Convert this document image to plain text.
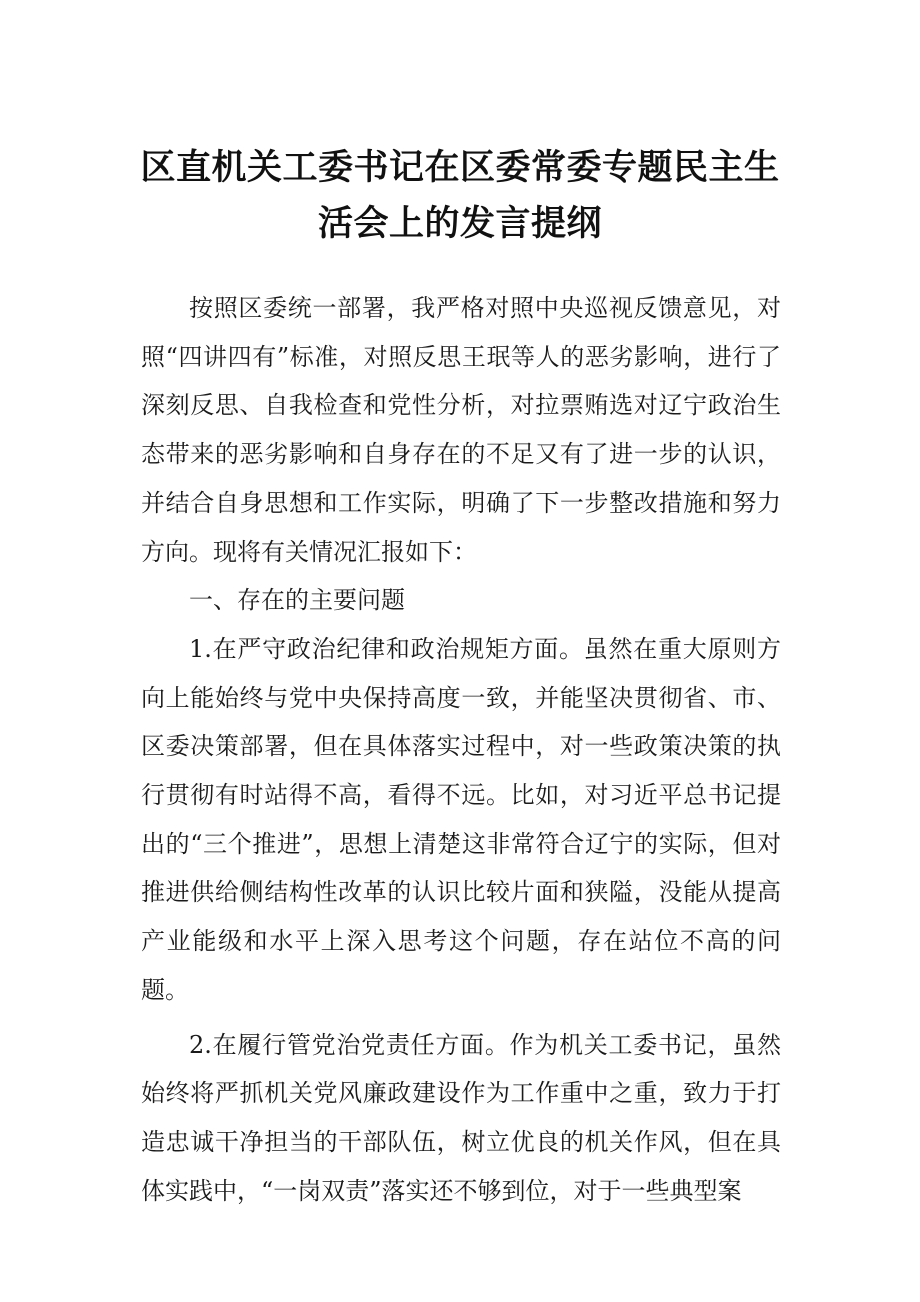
区直机关工委书记在区委常委专题民主生
活会上的发言提纲

按照区委统一部署，我严格对照中央巡视反馈意见，对照“四讲四有”标准，对照反思王珉等人的恶劣影响，进行了深刻反思、自我检查和党性分析，对拉票贿选对辽宁政治生态带来的恶劣影响和自身存在的不足又有了进一步的认识，并结合自身思想和工作实际，明确了下一步整改措施和努力方向。现将有关情况汇报如下：

一、存在的主要问题

1.在严守政治纪律和政治规矩方面。虽然在重大原则方向上能始终与党中央保持高度一致，并能坚决贯彻省、市、区委决策部署，但在具体落实过程中，对一些政策决策的执行贯彻有时站得不高，看得不远。比如，对习近平总书记提出的“三个推进”，思想上清楚这非常符合辽宁的实际，但对推进供给侧结构性改革的认识比较片面和狭隘，没能从提高产业能级和水平上深入思考这个问题，存在站位不高的问题。

2.在履行管党治党责任方面。作为机关工委书记，虽然始终将严抓机关党风廉政建设作为工作重中之重，致力于打造忠诚干净担当的干部队伍，树立优良的机关作风，但在具体实践中，“一岗双责”落实还不够到位，对于一些典型案
